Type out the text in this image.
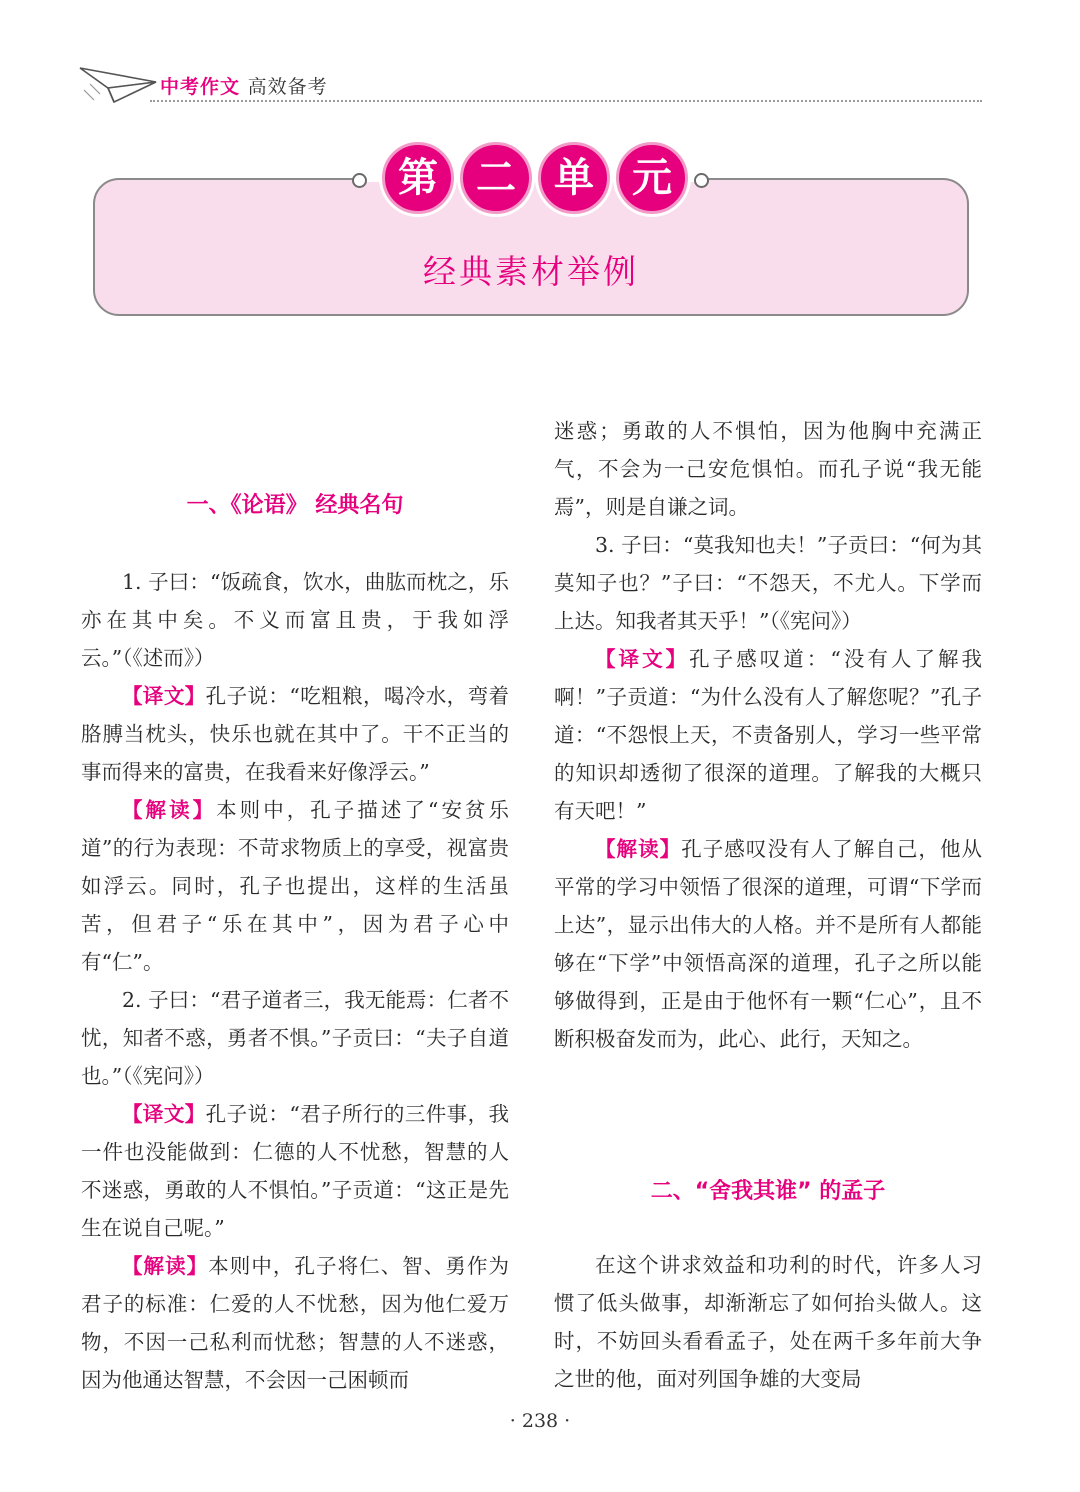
中考作文 高效备考
第 二 单 元
经典素材举例
一、《论语》 经典名句

1. 子曰：“饭疏食，饮水，曲肱而枕之，乐亦在其中矣。不义而富且贵，于我如浮云。”（《述而》）

【译文】孔子说：“吃粗粮，喝冷水，弯着胳膊当枕头，快乐也就在其中了。干不正当的事而得来的富贵，在我看来好像浮云。”

【解读】本则中，孔子描述了“安贫乐道”的行为表现：不苛求物质上的享受，视富贵如浮云。同时，孔子也提出，这样的生活虽苦，但君子“乐在其中”，因为君子心中有“仁”。

2. 子曰：“君子道者三，我无能焉：仁者不忧，知者不惑，勇者不惧。”子贡曰：“夫子自道也。”（《宪问》）

【译文】孔子说：“君子所行的三件事，我一件也没能做到：仁德的人不忧愁，智慧的人不迷惑，勇敢的人不惧怕。”子贡道：“这正是先生在说自己呢。”

【解读】本则中，孔子将仁、智、勇作为君子的标准：仁爱的人不忧愁，因为他仁爱万物，不因一己私利而忧愁；智慧的人不迷惑，因为他通达智慧，不会因一己困顿而

迷惑；勇敢的人不惧怕，因为他胸中充满正气，不会为一己安危惧怕。而孔子说“我无能焉”，则是自谦之词。

3. 子曰：“莫我知也夫！”子贡曰：“何为其莫知子也？”子曰：“不怨天，不尤人。下学而上达。知我者其天乎！”（《宪问》）

【译文】孔子感叹道：“没有人了解我啊！”子贡道：“为什么没有人了解您呢？”孔子道：“不怨恨上天，不责备别人，学习一些平常的知识却透彻了很深的道理。了解我的大概只有天吧！”

【解读】孔子感叹没有人了解自己，他从平常的学习中领悟了很深的道理，可谓“下学而上达”，显示出伟大的人格。并不是所有人都能够在“下学”中领悟高深的道理，孔子之所以能够做得到，正是由于他怀有一颗“仁心”，且不断积极奋发而为，此心、此行，天知之。

二、“舍我其谁” 的孟子

在这个讲求效益和功利的时代，许多人习惯了低头做事，却渐渐忘了如何抬头做人。这时，不妨回头看看孟子，处在两千多年前大争之世的他，面对列国争雄的大变局

· 238 ·
